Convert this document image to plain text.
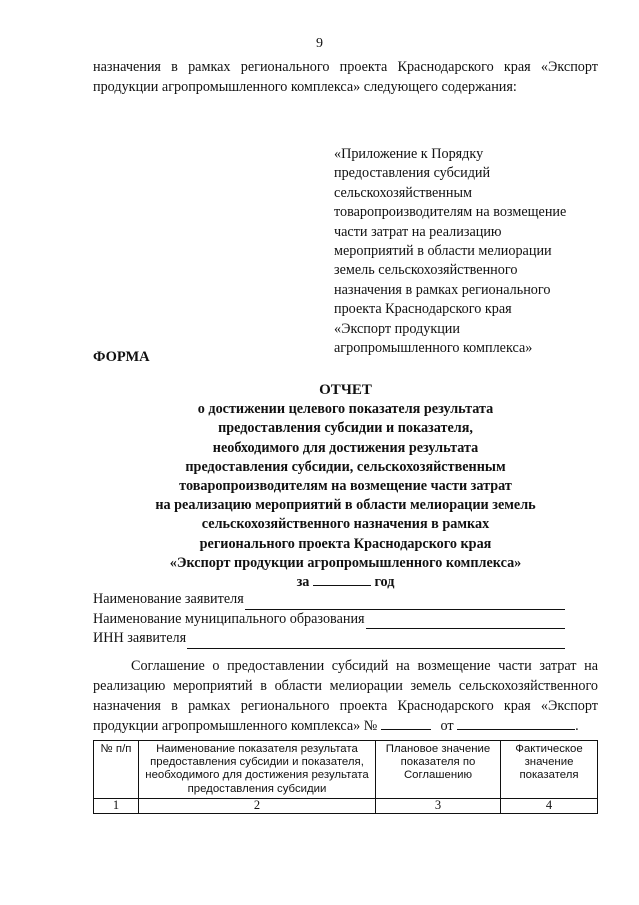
9
назначения в рамках регионального проекта Краснодарского края «Экспорт
продукции агропромышленного комплекса» следующего содержания:
«Приложение к Порядку
предоставления субсидий
сельскохозяйственным
товаропроизводителям на возмещение
части затрат на реализацию
мероприятий в области мелиорации
земель сельскохозяйственного
назначения в рамках регионального
проекта Краснодарского края
«Экспорт продукции
агропромышленного комплекса»
ФОРМА
ОТЧЕТ
о достижении целевого показателя результата
предоставления субсидии и показателя,
необходимого для достижения результата
предоставления субсидии, сельскохозяйственным
товаропроизводителям на возмещение части затрат
на реализацию мероприятий в области мелиорации земель
сельскохозяйственного назначения в рамках
регионального проекта Краснодарского края
«Экспорт продукции агропромышленного комплекса»
за	год
Наименование заявителя
Наименование муниципального образования
ИНН заявителя
Соглашение о предоставлении субсидий на возмещение части затрат на
реализацию мероприятий в области мелиорации земель сельскохозяйственного
назначения в рамках регионального проекта Краснодарского края «Экспорт
продукции агропромышленного комплекса» №	от	.
№ п/п	Наименование показателя результата предоставления субсидии и показателя, необходимого для достижения результата предоставления субсидии	Плановое значение показателя по Соглашению	Фактическое значение показателя
1	2	3	4
